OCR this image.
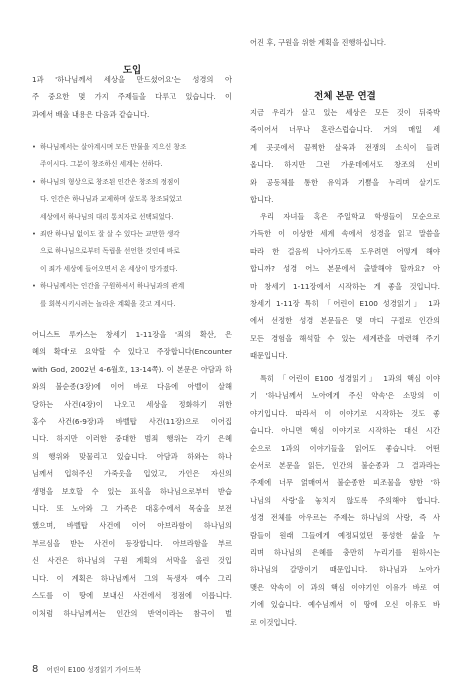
도입
1과 '하나님께서 세상을 만드셨어요'는 성경의 아
주 중요한 몇 가지 주제들을 다루고 있습니다. 이
과에서 배울 내용은 다음과 같습니다.
• 하나님께서는 살아계시며 모든 만물을 지으신 창조
주이시다. 그분이 창조하신 세계는 선하다.
• 하나님의 형상으로 창조된 인간은 창조의 정점이
다. 인간은 하나님과 교제하며 살도록 창조되었고
세상에서 하나님의 대리 통치자로 선택되었다.
• 죄란 하나님 없이도 잘 살 수 있다는 교만한 생각
으로 하나님으로부터 독립을 선언한 것인데 바로
이 죄가 세상에 들어오면서 온 세상이 망가졌다.
• 하나님께서는 인간을 구원하셔서 하나님과의 관계
를 회복시키시려는 놀라운 계획을 갖고 계시다.
어니스트 루카스는 창세기 1-11장을 '죄의 확산, 은
혜의 확대'로 요약할 수 있다고 주장합니다(Encounter
with God, 2002년 4-6월호, 13-14쪽). 이 본문은 아담과 하
와의 불순종(3장)에 이어 바로 다음에 아벨이 살해
당하는 사건(4장)이 나오고 세상을 정화하기 위한
홍수 사건(6-9장)과 바벨탑 사건(11장)으로 이어집
니다. 하지만 이러한 중대한 범죄 행위는 각기 은혜
의 행위와 맞물리고 있습니다. 아담과 하와는 하나
님께서 입혀주신 가죽옷을 입었고, 가인은 자신의
생명을 보호할 수 있는 표식을 하나님으로부터 받습
니다. 또 노아와 그 가족은 대홍수에서 목숨을 보전
했으며, 바벨탑 사건에 이어 아브라함이 하나님의
부르심을 받는 사건이 등장합니다. 아브라함을 부르
신 사건은 하나님의 구원 계획의 서막을 올린 것입
니다. 이 계획은 하나님께서 그의 독생자 예수 그리
스도를 이 땅에 보내신 사건에서 정점에 이릅니다.
이처럼 하나님께서는 인간의 반역이라는 참극이 벌
어진 후, 구원을 위한 계획을 진행하십니다.
전체 본문 연결
지금 우리가 살고 있는 세상은 모든 것이 뒤죽박
죽이어서 너무나 혼란스럽습니다. 거의 매일 세
계 곳곳에서 끔찍한 살육과 전쟁의 소식이 들려
옵니다. 하지만 그런 가운데에서도 창조의 신비
와 공동체를 통한 유익과 기쁨을 누리며 살기도
합니다.
우리 자녀들 혹은 주일학교 학생들이 모순으로
가득한 이 이상한 세계 속에서 성경을 읽고 말씀을
따라 한 걸음씩 나아가도록 도우려면 어떻게 해야
합니까? 성경 어느 본문에서 출발해야 할까요? 아
마 창세기 1-11장에서 시작하는 게 좋을 것입니다.
창세기 1-11장 특히 「어린이 E100 성경읽기」 1과
에서 선정한 성경 본문들은 몇 마디 구절로 인간의
모든 경험을 해석할 수 있는 세계관을 마련해 주기
때문입니다.
특히 「어린이 E100 성경읽기」 1과의 핵심 이야
기 '하나님께서 노아에게 주신 약속'은 소망의 이
야기입니다. 따라서 이 이야기로 시작하는 것도 좋
습니다. 아니면 핵심 이야기로 시작하는 대신 시간
순으로 1과의 이야기들을 읽어도 좋습니다. 어떤
순서로 본문을 읽든, 인간의 불순종과 그 결과라는
주제에 너무 얽매여서 불순종한 피조물을 향한 '하
나님의 사랑'을 놓치지 않도록 주의해야 합니다.
성경 전체를 아우르는 주제는 하나님의 사랑, 즉 사
람들이 원래 그들에게 예정되었던 풍성한 삶을 누
리며 하나님의 은혜를 충만히 누리기를 원하시는
하나님의 갈망이기 때문입니다. 하나님과 노아가
맺은 약속이 이 과의 핵심 이야기인 이유가 바로 여
기에 있습니다. 예수님께서 이 땅에 오신 이유도 바
로 이것입니다.
8 어린이 E100 성경읽기 가이드북
